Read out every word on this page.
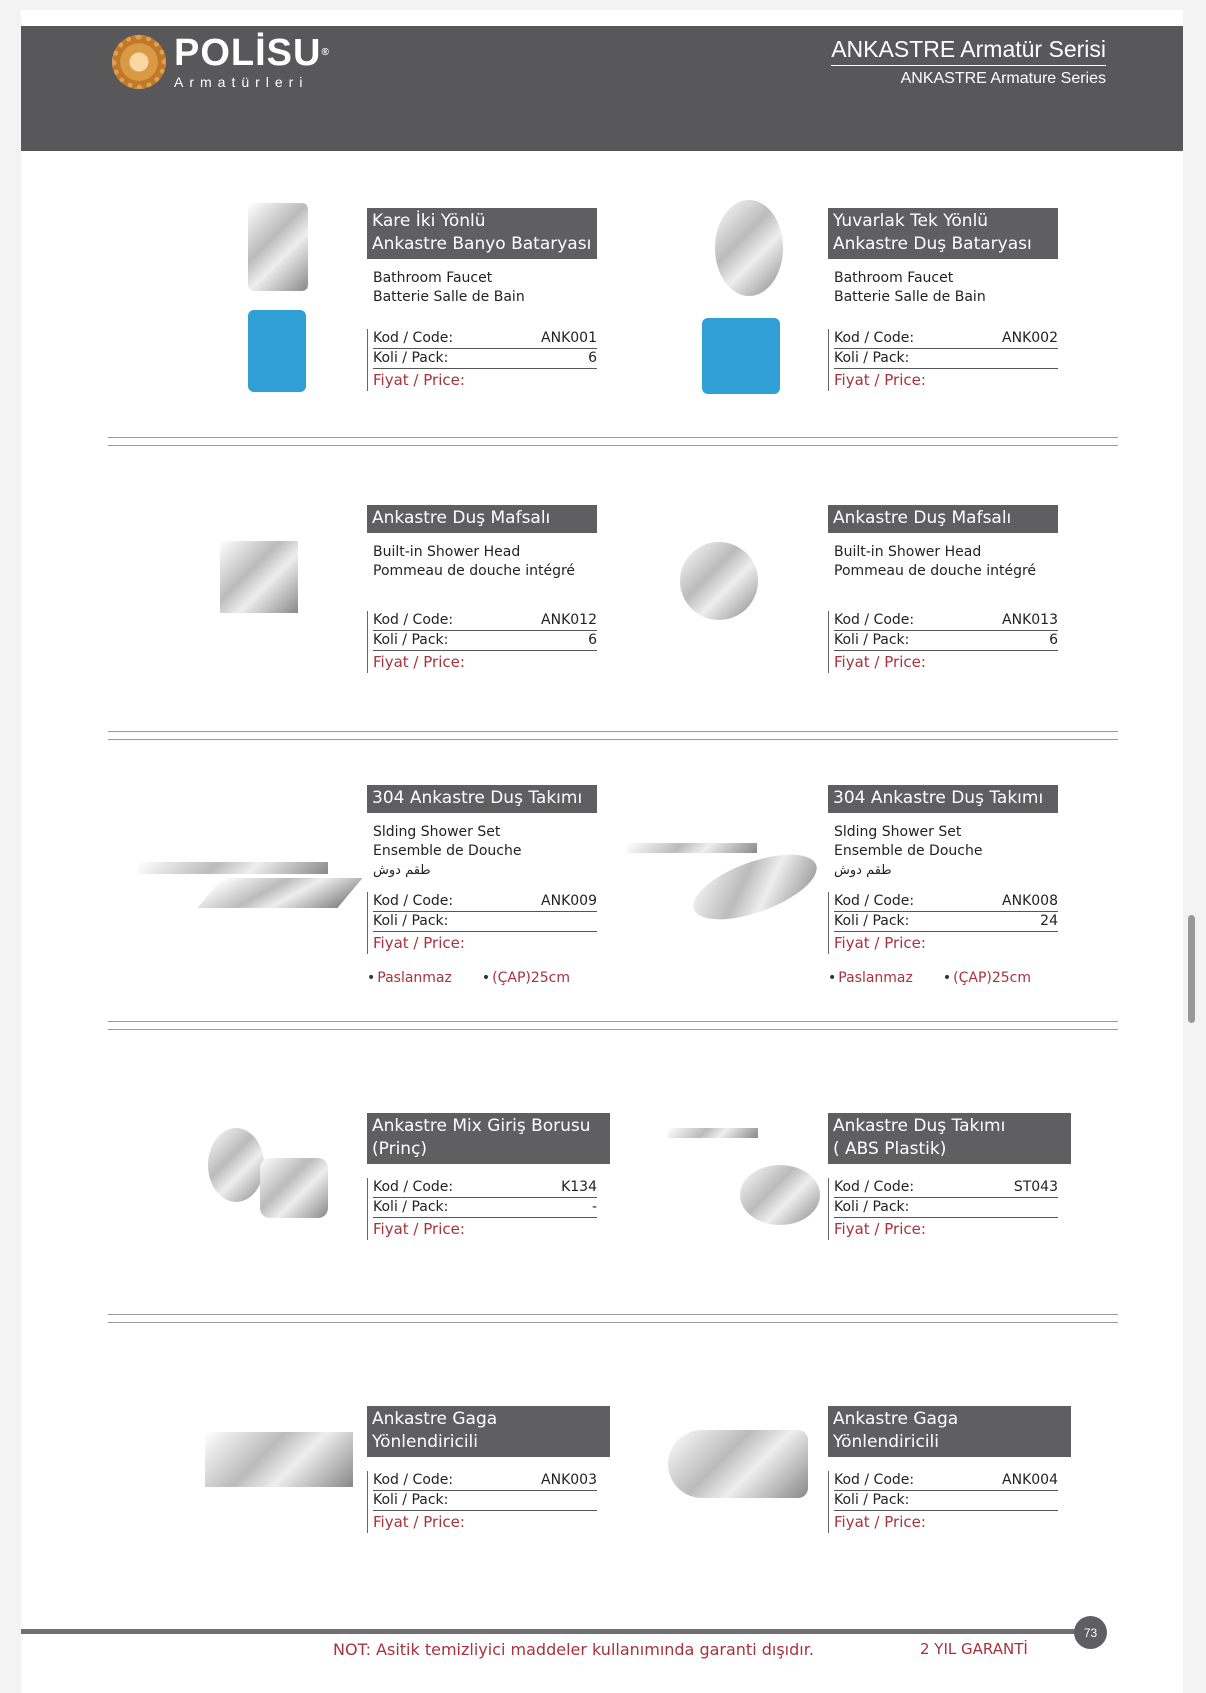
POLİSU®
Armatürleri
ANKASTRE Armatür Serisi
ANKASTRE Armature Series
Kare İki Yönlü
Ankastre Banyo Bataryası
Bathroom Faucet
Batterie Salle de Bain
Kod / Code:	ANK001
Koli / Pack:	6
Fiyat / Price:
Yuvarlak Tek Yönlü
Ankastre Duş Bataryası
Bathroom Faucet
Batterie Salle de Bain
Kod / Code:	ANK002
Koli / Pack:
Fiyat / Price:
Ankastre Duş Mafsalı
Built-in Shower Head
Pommeau de douche intégré
Kod / Code:	ANK012
Koli / Pack:	6
Fiyat / Price:
Ankastre Duş Mafsalı
Built-in Shower Head
Pommeau de douche intégré
Kod / Code:	ANK013
Koli / Pack:	6
Fiyat / Price:
304 Ankastre Duş Takımı
Slding Shower Set
Ensemble de Douche
طقم دوش
Kod / Code:	ANK009
Koli / Pack:
Fiyat / Price:
• Paslanmaz	• (ÇAP)25cm
304 Ankastre Duş Takımı
Slding Shower Set
Ensemble de Douche
طقم دوش
Kod / Code:	ANK008
Koli / Pack:	24
Fiyat / Price:
• Paslanmaz	• (ÇAP)25cm
Ankastre Mix Giriş Borusu
(Prinç)
Kod / Code:	K134
Koli / Pack:	-
Fiyat / Price:
Ankastre Duş Takımı
( ABS Plastik)
Kod / Code:	ST043
Koli / Pack:
Fiyat / Price:
Ankastre Gaga
Yönlendiricili
Kod / Code:	ANK003
Koli / Pack:
Fiyat / Price:
Ankastre Gaga
Yönlendiricili
Kod / Code:	ANK004
Koli / Pack:
Fiyat / Price:
73
NOT: Asitik temizliyici maddeler kullanımında garanti dışıdır.	2 YIL GARANTİ
